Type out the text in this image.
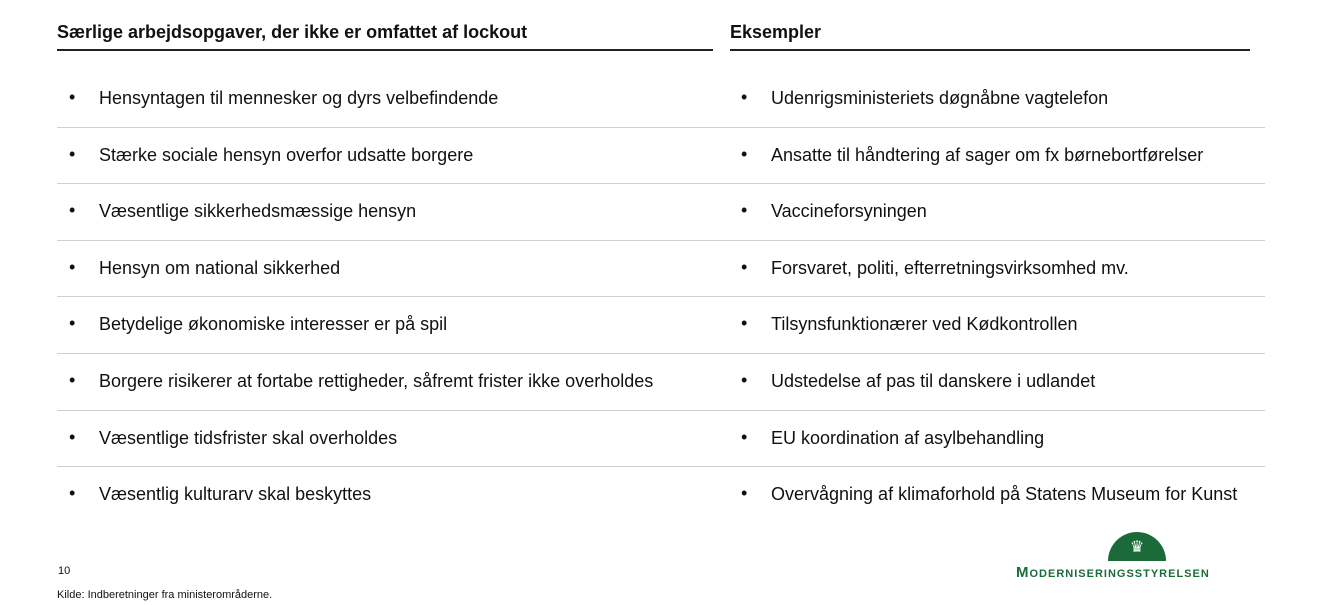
Særlige arbejdsopgaver, der ikke er omfattet af lockout	Eksempler
• Hensyntagen til mennesker og dyrs velbefindende
• Stærke sociale hensyn overfor udsatte borgere
• Væsentlige sikkerhedsmæssige hensyn
• Hensyn om national sikkerhed
• Betydelige økonomiske interesser er på spil
• Borgere risikerer at fortabe rettigheder, såfremt frister ikke overholdes
• Væsentlige tidsfrister skal overholdes
• Væsentlig kulturarv skal beskyttes
• Udenrigsministeriets døgnåbne vagtelefon
• Ansatte til håndtering af sager om fx børnebortførelser
• Vaccineforsyningen
• Forsvaret, politi, efterretningsvirksomhed mv.
• Tilsynsfunktionærer ved Kødkontrollen
• Udstedelse af pas til danskere i udlandet
• EU koordination af asylbehandling
• Overvågning af klimaforhold på Statens Museum for Kunst
10
Kilde: Indberetninger fra ministerområderne.
♛
Moderniseringsstyrelsen
